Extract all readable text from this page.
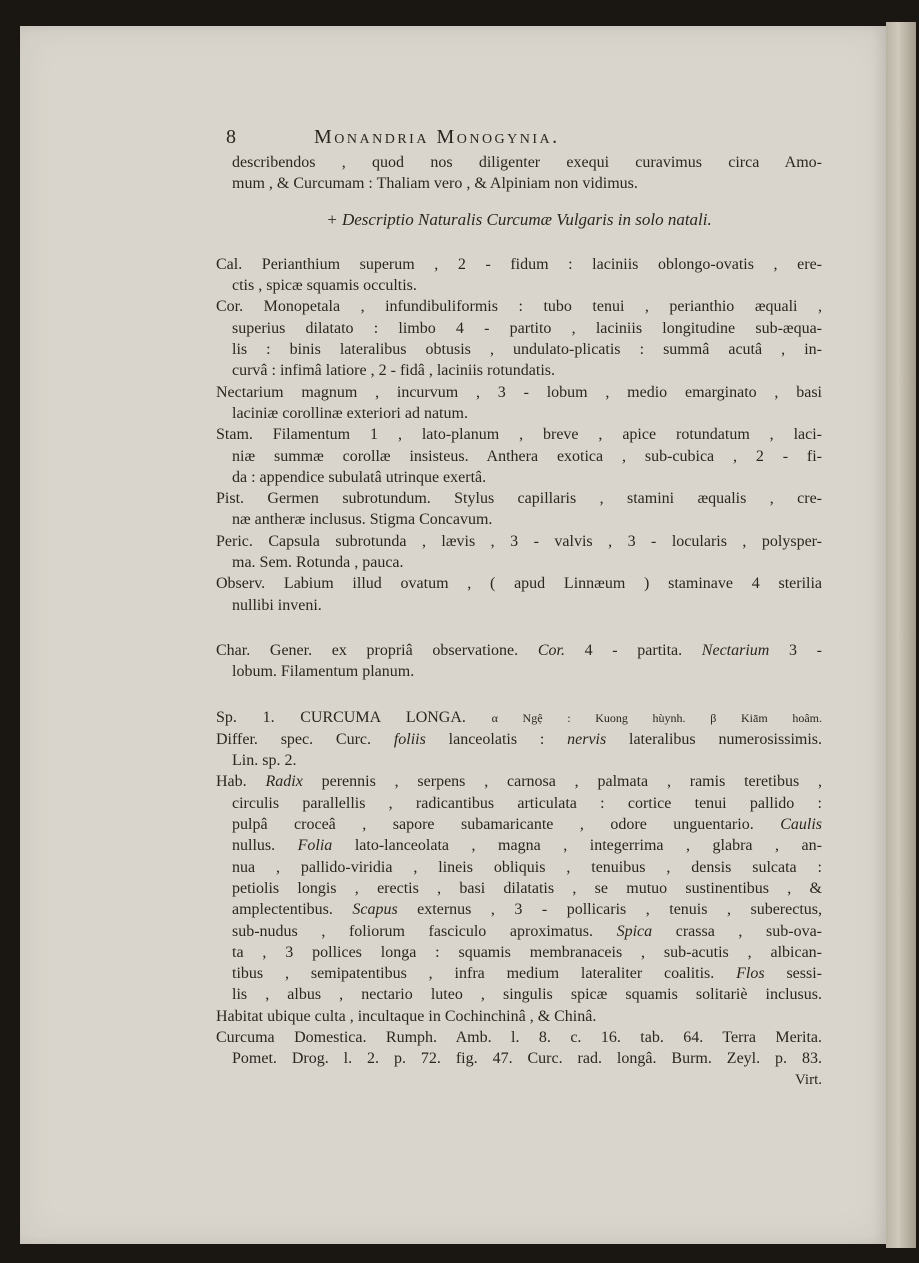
8	Monandria Monogynia.
describendos , quod nos diligenter exequi curavimus circa Amo-
mum , & Curcumam : Thaliam vero , & Alpiniam non vidimus.
+ Descriptio Naturalis Curcumæ Vulgaris in solo natali.
Cal. Perianthium superum , 2 - fidum : laciniis oblongo-ovatis , ere-
ctis , spicæ squamis occultis.
Cor. Monopetala , infundibuliformis : tubo tenui , perianthio æquali ,
superius dilatato : limbo 4 - partito , laciniis longitudine sub-æqua-
lis : binis lateralibus obtusis , undulato-plicatis : summâ acutâ , in-
curvâ : infimâ latiore , 2 - fidâ , laciniis rotundatis.
Nectarium magnum , incurvum , 3 - lobum , medio emarginato , basi
laciniæ corollinæ exteriori ad natum.
Stam. Filamentum 1 , lato-planum , breve , apice rotundatum , laci-
niæ summæ corollæ insisteus. Anthera exotica , sub-cubica , 2 - fi-
da : appendice subulatâ utrinque exertâ.
Pist. Germen subrotundum. Stylus capillaris , stamini æqualis , cre-
næ antheræ inclusus. Stigma Concavum.
Peric. Capsula subrotunda , lævis , 3 - valvis , 3 - locularis , polysper-
ma. Sem. Rotunda , pauca.
Observ. Labium illud ovatum , ( apud Linnæum ) staminave 4 sterilia
nullibi inveni.
Char. Gener. ex propriâ observatione. Cor. 4 - partita. Nectarium 3 -
lobum. Filamentum planum.
Sp. 1. CURCUMA LONGA. α Ngệ : Kuong hùynh. β Kiām hoâm.
Differ. spec. Curc. foliis lanceolatis : nervis lateralibus numerosissimis.
Lin. sp. 2.
Hab. Radix perennis , serpens , carnosa , palmata , ramis teretibus ,
circulis parallellis , radicantibus articulata : cortice tenui pallido :
pulpâ croceâ , sapore subamaricante , odore unguentario. Caulis
nullus. Folia lato-lanceolata , magna , integerrima , glabra , an-
nua , pallido-viridia , lineis obliquis , tenuibus , densis sulcata :
petiolis longis , erectis , basi dilatatis , se mutuo sustinentibus , &
amplectentibus. Scapus externus , 3 - pollicaris , tenuis , suberectus,
sub-nudus , foliorum fasciculo aproximatus. Spica crassa , sub-ova-
ta , 3 pollices longa : squamis membranaceis , sub-acutis , albican-
tibus , semipatentibus , infra medium lateraliter coalitis. Flos sessi-
lis , albus , nectario luteo , singulis spicæ squamis solitariè inclusus.
Habitat ubique culta , incultaque in Cochinchinâ , & Chinâ.
Curcuma Domestica. Rumph. Amb. l. 8. c. 16. tab. 64. Terra Merita.
Pomet. Drog. l. 2. p. 72. fig. 47. Curc. rad. longâ. Burm. Zeyl. p. 83.
Virt.
